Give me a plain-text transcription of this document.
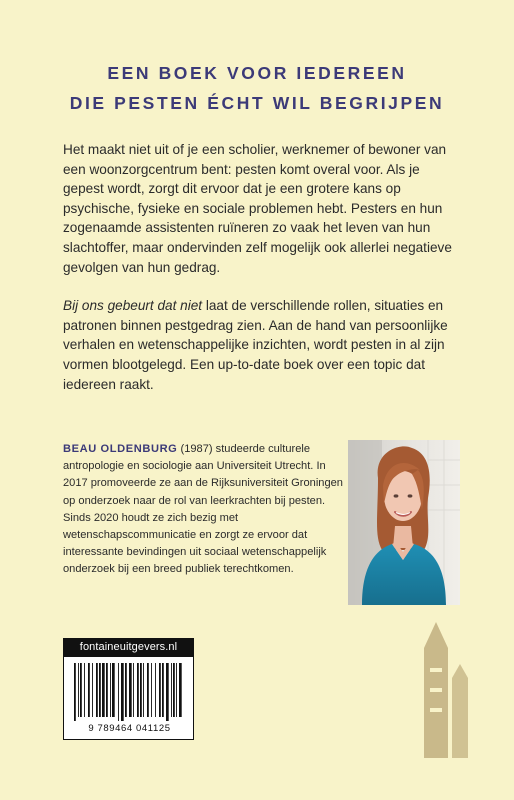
EEN BOEK VOOR IEDEREEN
DIE PESTEN ÉCHT WIL BEGRIJPEN

Het maakt niet uit of je een scholier, werknemer of bewoner van een woonzorgcentrum bent: pesten komt overal voor. Als je gepest wordt, zorgt dit ervoor dat je een grotere kans op psychische, fysieke en sociale problemen hebt. Pesters en hun zogenaamde assistenten ruïneren zo vaak het leven van hun slachtoffer, maar ondervinden zelf mogelijk ook allerlei negatieve gevolgen van hun gedrag.

Bij ons gebeurt dat niet laat de verschillende rollen, situaties en patronen binnen pestgedrag zien. Aan de hand van persoonlijke verhalen en wetenschappelijke inzichten, wordt pesten in al zijn vormen blootgelegd. Een up-to-date boek over een topic dat iedereen raakt.

BEAU OLDENBURG (1987) studeerde culturele antropologie en sociologie aan Universiteit Utrecht. In 2017 promoveerde ze aan de Rijksuniversiteit Groningen op onderzoek naar de rol van leerkrachten bij pesten. Sinds 2020 houdt ze zich bezig met wetenschapscommunicatie en zorgt ze ervoor dat interessante bevindingen uit sociaal wetenschappelijk onderzoek bij een breed publiek terechtkomen.
fontaineuitgevers.nl
9 789464 041125
